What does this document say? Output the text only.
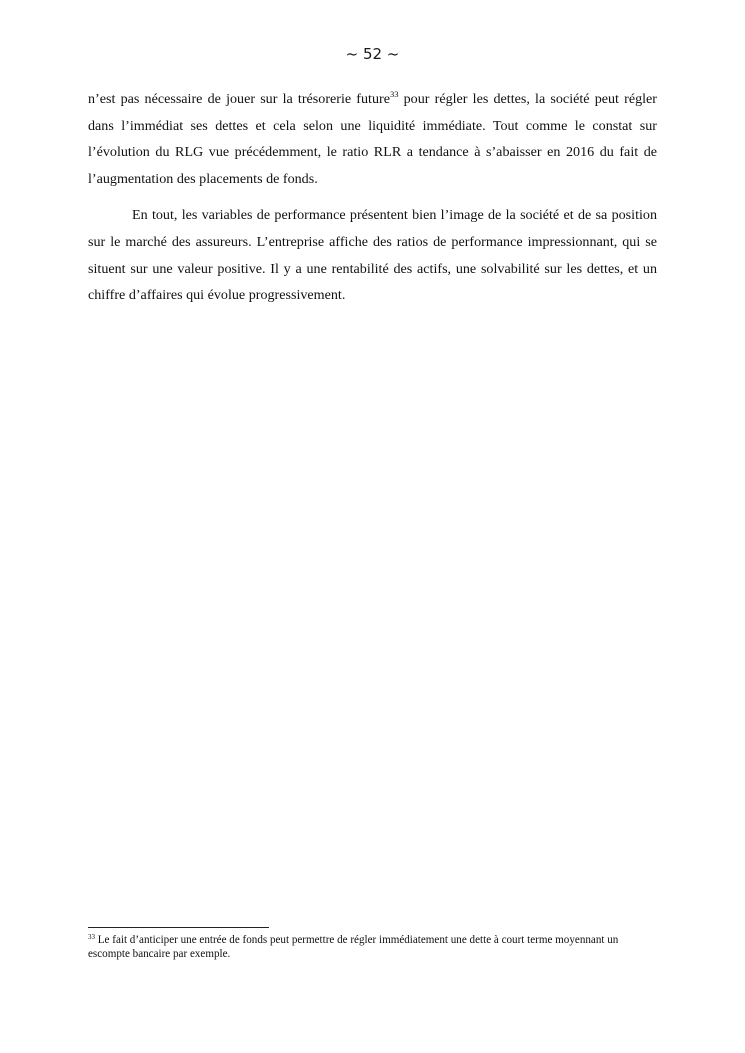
~ 52 ~

n’est pas nécessaire de jouer sur la trésorerie future$^{33}$ pour régler les dettes, la société peut régler dans l’immédiat ses dettes et cela selon une liquidité immédiate. Tout comme le constat sur l’évolution du RLG vue précédemment, le ratio RLR a tendance à s’abaisser en 2016 du fait de l’augmentation des placements de fonds.

En tout, les variables de performance présentent bien l’image de la société et de sa position sur le marché des assureurs. L’entreprise affiche des ratios de performance impressionnant, qui se situent sur une valeur positive. Il y a une rentabilité des actifs, une solvabilité sur les dettes, et un chiffre d’affaires qui évolue progressivement.

$^{33}$ Le fait d’anticiper une entrée de fonds peut permettre de régler immédiatement une dette à court terme moyennant un escompte bancaire par exemple.
